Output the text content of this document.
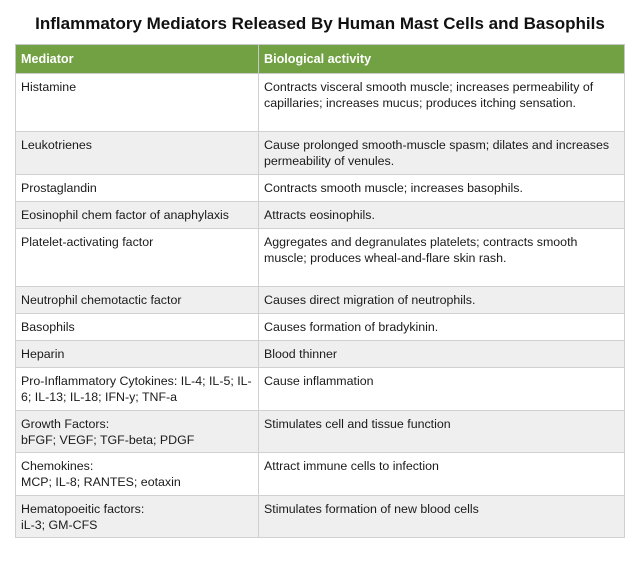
Inflammatory Mediators Released By Human Mast Cells and Basophils
Mediator	Biological activity
Histamine	Contracts visceral smooth muscle; increases permeability of capillaries; increases mucus; produces itching sensation.
Leukotrienes	Cause prolonged smooth-muscle spasm; dilates and increases permeability of venules.
Prostaglandin	Contracts smooth muscle; increases basophils.
Eosinophil chem factor of anaphylaxis	Attracts eosinophils.
Platelet-activating factor	Aggregates and degranulates platelets; contracts smooth muscle; produces wheal-and-flare skin rash.
Neutrophil chemotactic factor	Causes direct migration of neutrophils.
Basophils	Causes formation of bradykinin.
Heparin	Blood thinner
Pro-Inflammatory Cytokines: IL-4; IL-5; IL-6; IL-13; IL-18; IFN-y; TNF-a	Cause inflammation
Growth Factors:
bFGF; VEGF; TGF-beta; PDGF	Stimulates cell and tissue function
Chemokines:
MCP; IL-8; RANTES; eotaxin	Attract immune cells to infection
Hematopoeitic factors:
iL-3; GM-CFS	Stimulates formation of new blood cells
